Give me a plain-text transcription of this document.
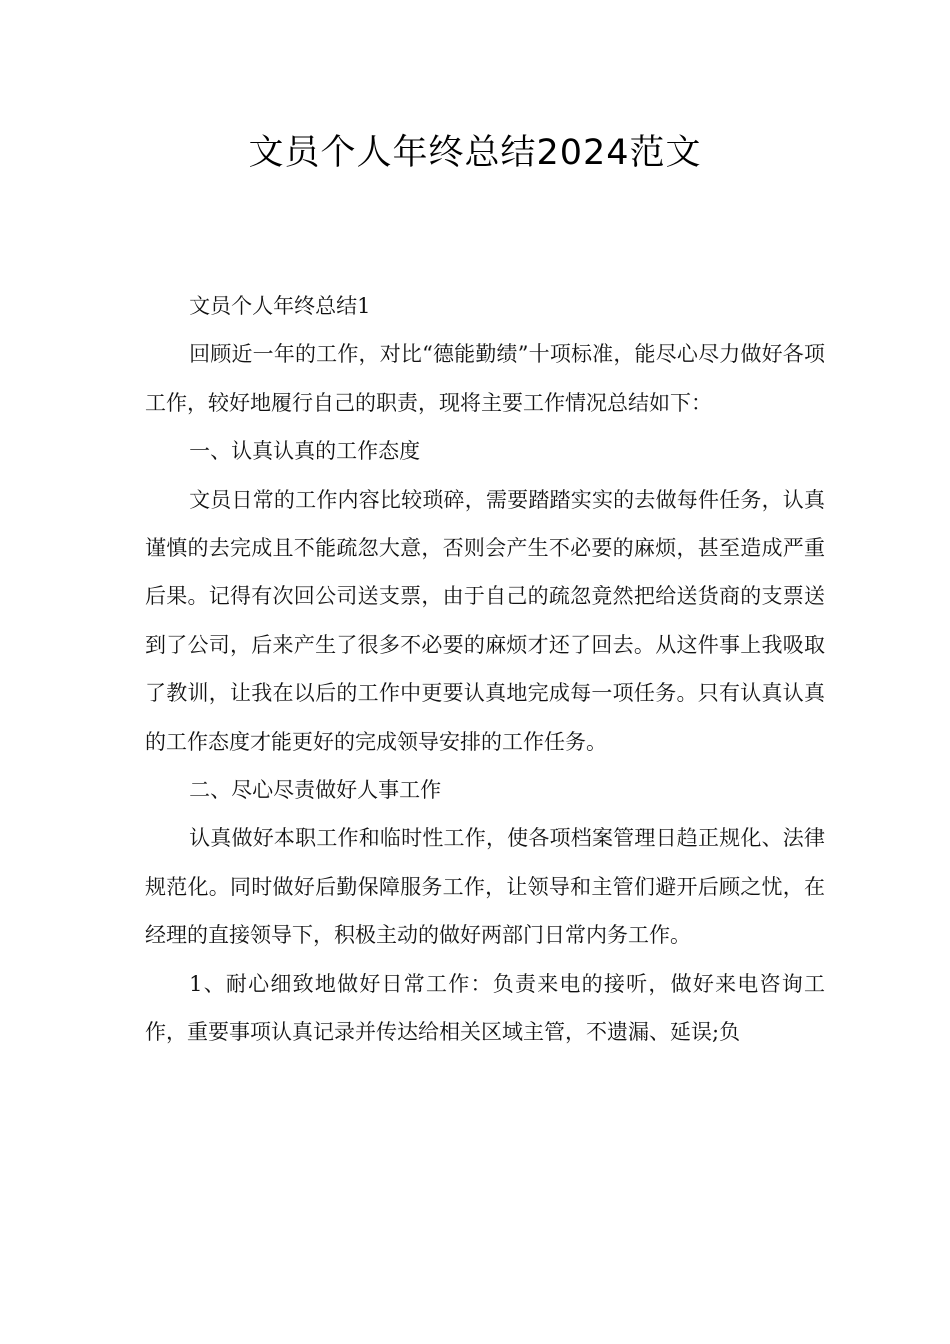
文员个人年终总结2024范文

文员个人年终总结1

回顾近一年的工作，对比“德能勤绩”十项标准，能尽心尽力做好各项工作，较好地履行自己的职责，现将主要工作情况总结如下：

一、认真认真的工作态度

文员日常的工作内容比较琐碎，需要踏踏实实的去做每件任务，认真谨慎的去完成且不能疏忽大意，否则会产生不必要的麻烦，甚至造成严重后果。记得有次回公司送支票，由于自己的疏忽竟然把给送货商的支票送到了公司，后来产生了很多不必要的麻烦才还了回去。从这件事上我吸取了教训，让我在以后的工作中更要认真地完成每一项任务。只有认真认真的工作态度才能更好的完成领导安排的工作任务。

二、尽心尽责做好人事工作

认真做好本职工作和临时性工作，使各项档案管理日趋正规化、法律规范化。同时做好后勤保障服务工作，让领导和主管们避开后顾之忧，在经理的直接领导下，积极主动的做好两部门日常内务工作。

1、耐心细致地做好日常工作：负责来电的接听，做好来电咨询工作，重要事项认真记录并传达给相关区域主管，不遗漏、延误;负
